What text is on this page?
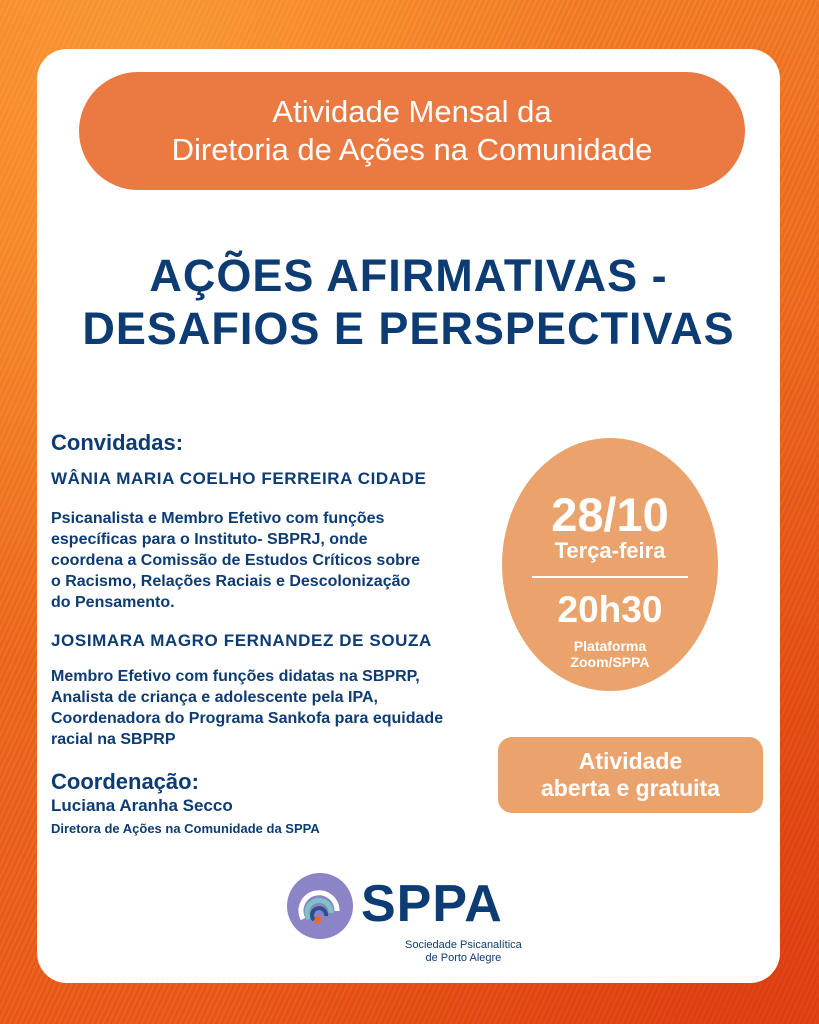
Atividade Mensal da
Diretoria de Ações na Comunidade
AÇÕES AFIRMATIVAS -
DESAFIOS E PERSPECTIVAS
Convidadas:
WÂNIA MARIA COELHO FERREIRA CIDADE
Psicanalista e Membro Efetivo com funções
específicas para o Instituto- SBPRJ, onde
coordena a Comissão de Estudos Críticos sobre
o Racismo, Relações Raciais e Descolonização
do Pensamento.
JOSIMARA MAGRO FERNANDEZ DE SOUZA
Membro Efetivo com funções didatas na SBPRP,
Analista de criança e adolescente pela IPA,
Coordenadora do Programa Sankofa para equidade
racial na SBPRP
28/10
Terça-feira
20h30
Plataforma
Zoom/SPPA
Atividade
aberta e gratuita
Coordenação:
Luciana Aranha Secco
Diretora de Ações na Comunidade da SPPA
SPPA
Sociedade Psicanalítica
de Porto Alegre
